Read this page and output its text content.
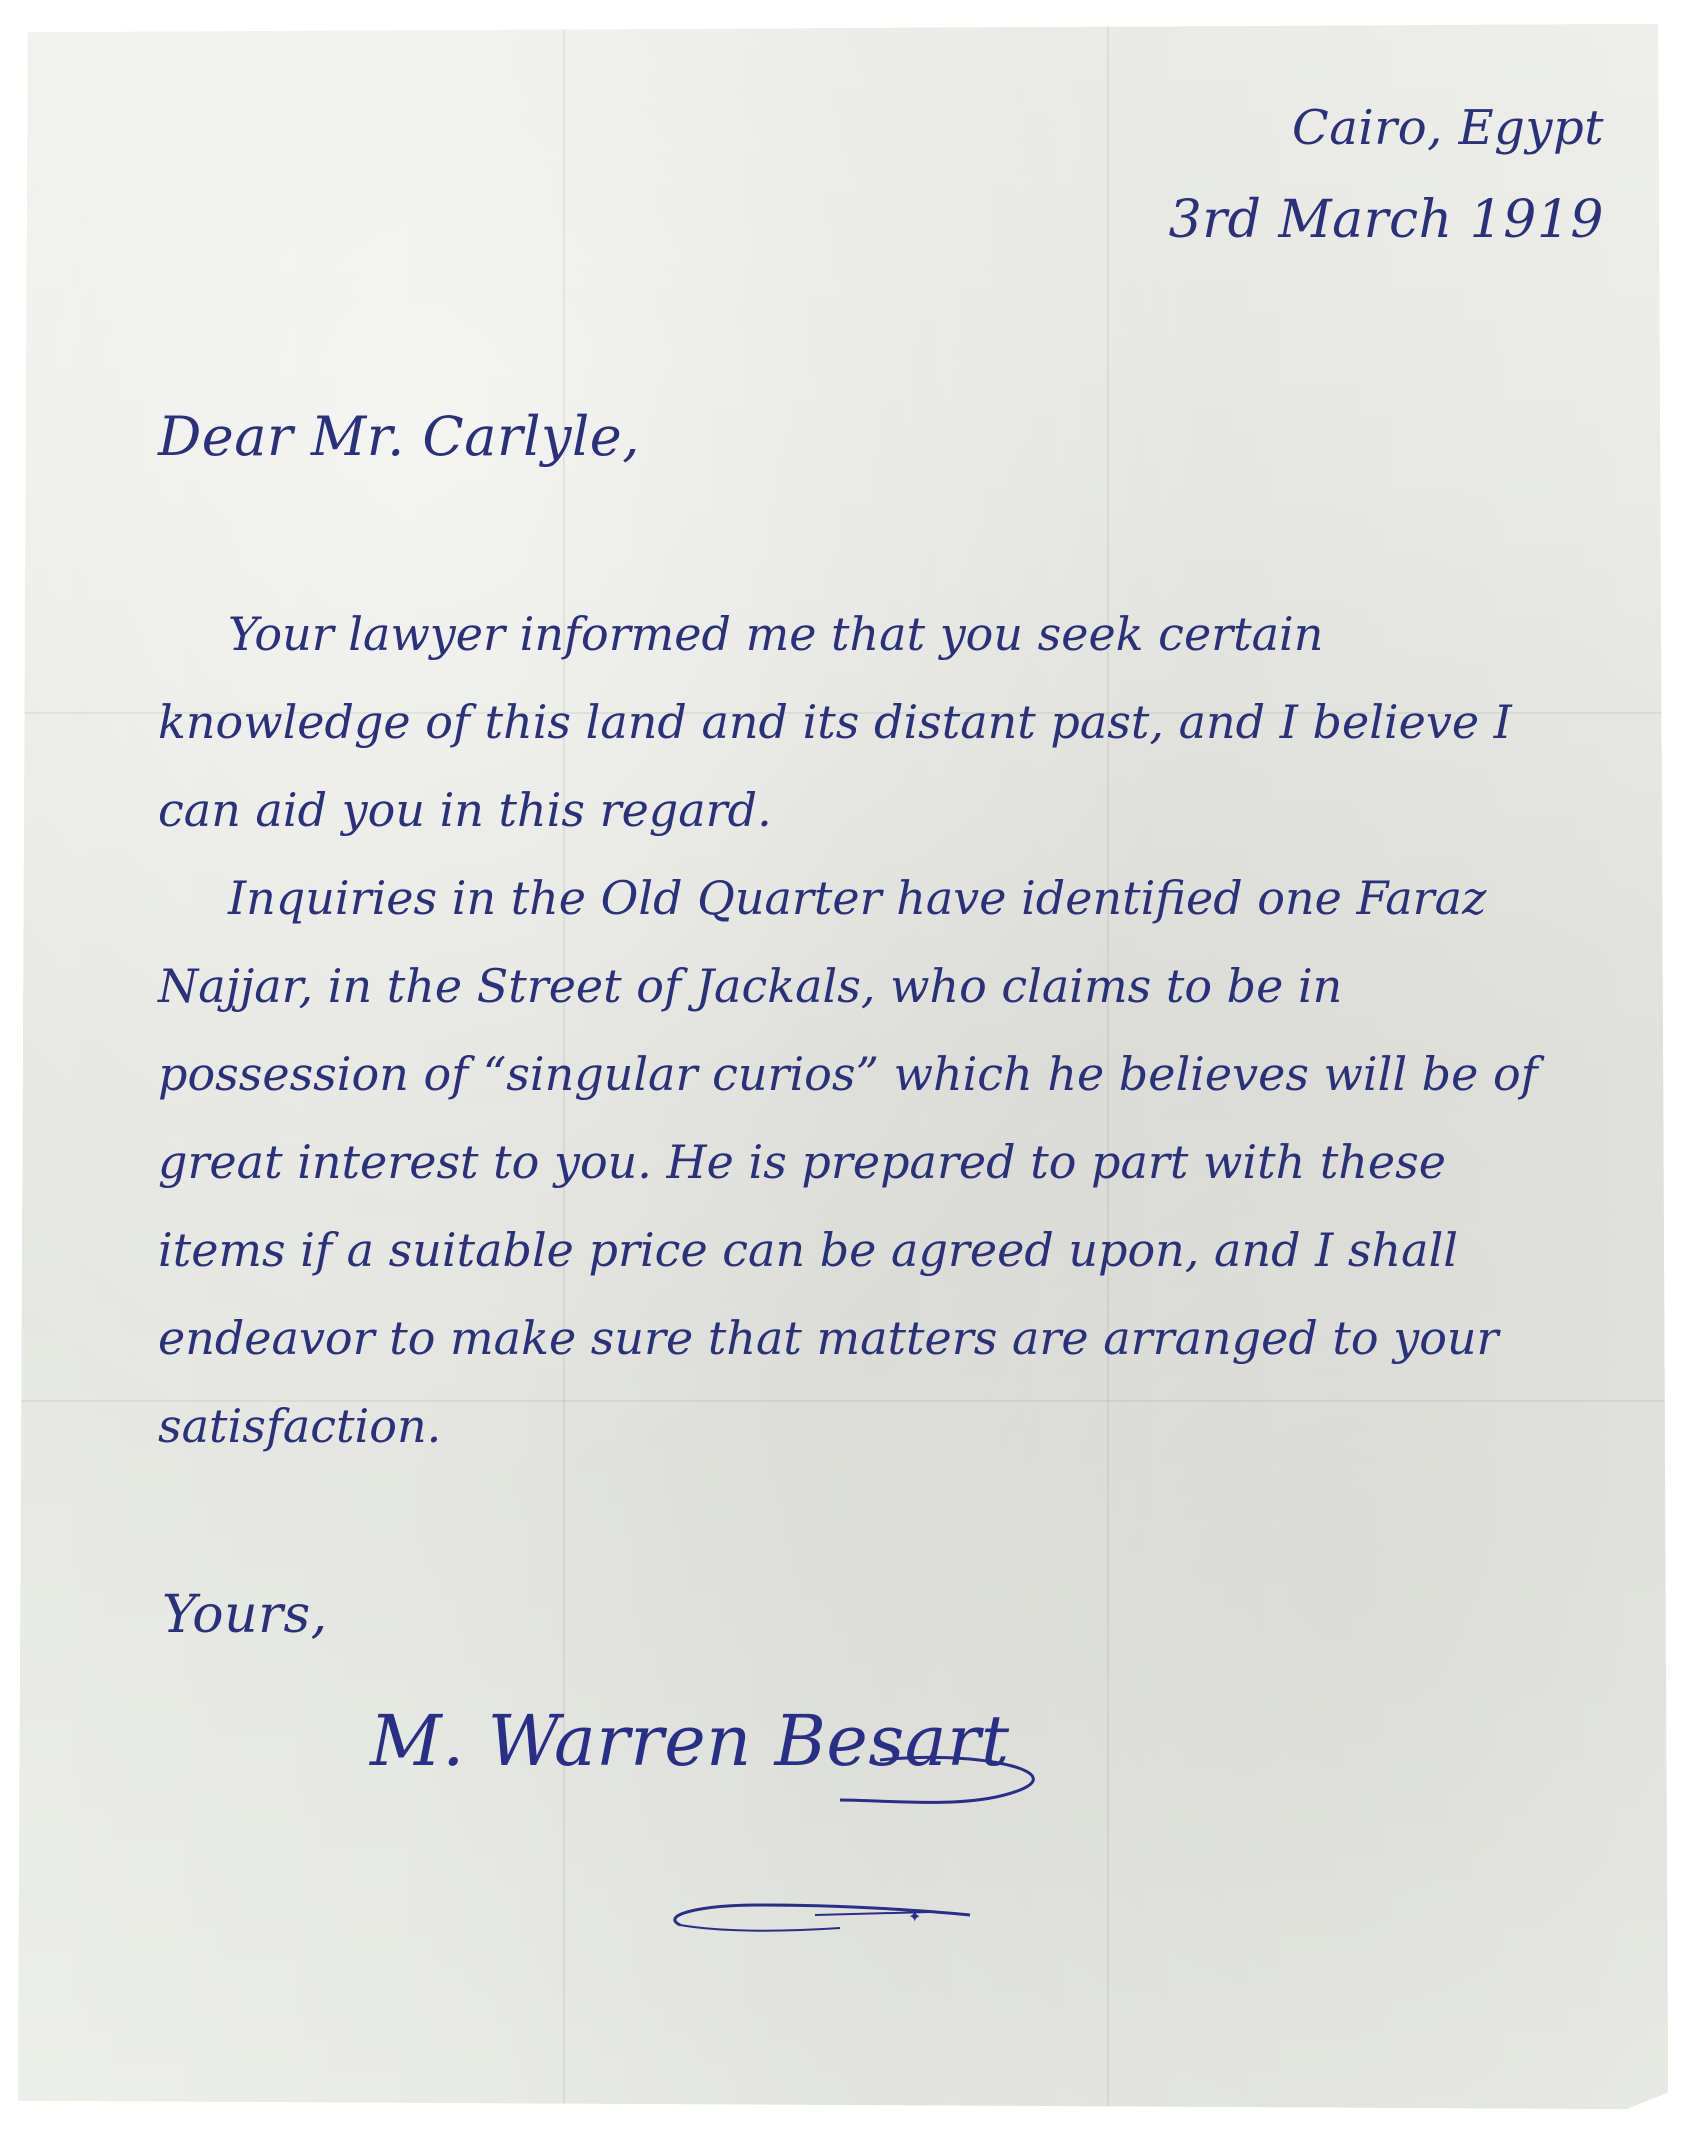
Cairo, Egypt
3rd March 1919
Dear Mr. Carlyle,

Your lawyer informed me that you seek certain knowledge of this land and its distant past, and I believe I can aid you in this regard.

Inquiries in the Old Quarter have identified one Faraz Najjar, in the Street of Jackals, who claims to be in possession of “singular curios” which he believes will be of great interest to you. He is prepared to part with these items if a suitable price can be agreed upon, and I shall endeavor to make sure that matters are arranged to your satisfaction.

Yours,
M. Warren Besart
✦
